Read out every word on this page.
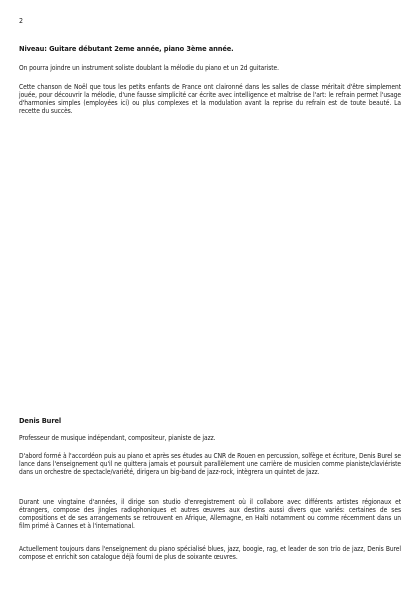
2
Niveau: Guitare débutant 2eme année, piano 3ème année.

On pourra joindre un instrument soliste doublant la mélodie du piano et un 2d guitariste.

Cette chanson de Noël que tous les petits enfants de France ont claironné dans les salles de classe méritait d'être simplement jouée, pour découvrir la mélodie, d'une fausse simplicité car écrite avec intelligence et maîtrise de l'art: le refrain permet l'usage d'harmonies simples (employées ici) ou plus complexes et la modulation avant la reprise du refrain est de toute beauté. La recette du succès.

Denis Burel

Professeur de musique indépendant, compositeur, pianiste de jazz.

D'abord formé à l'accordéon puis au piano et après ses études au CNR de Rouen en percussion, solfège et écriture, Denis Burel se lance dans l'enseignement qu'il ne quittera jamais et poursuit parallèlement une carrière de musicien comme pianiste/claviériste dans un orchestre de spectacle/variété, dirigera un big-band de jazz-rock, intègrera un quintet de jazz.

Durant une vingtaine d'années, il dirige son studio d'enregistrement où il collabore avec différents artistes régionaux et étrangers, compose des jingles radiophoniques et autres œuvres aux destins aussi divers que variés: certaines de ses compositions et de ses arrangements se retrouvent en Afrique, Allemagne, en Haïti notamment ou comme récemment dans un film primé à Cannes et à l'international.

Actuellement toujours dans l'enseignement du piano spécialisé blues, jazz, boogie, rag, et leader de son trio de jazz, Denis Burel compose et enrichit son catalogue déjà fourni de plus de soixante œuvres.
